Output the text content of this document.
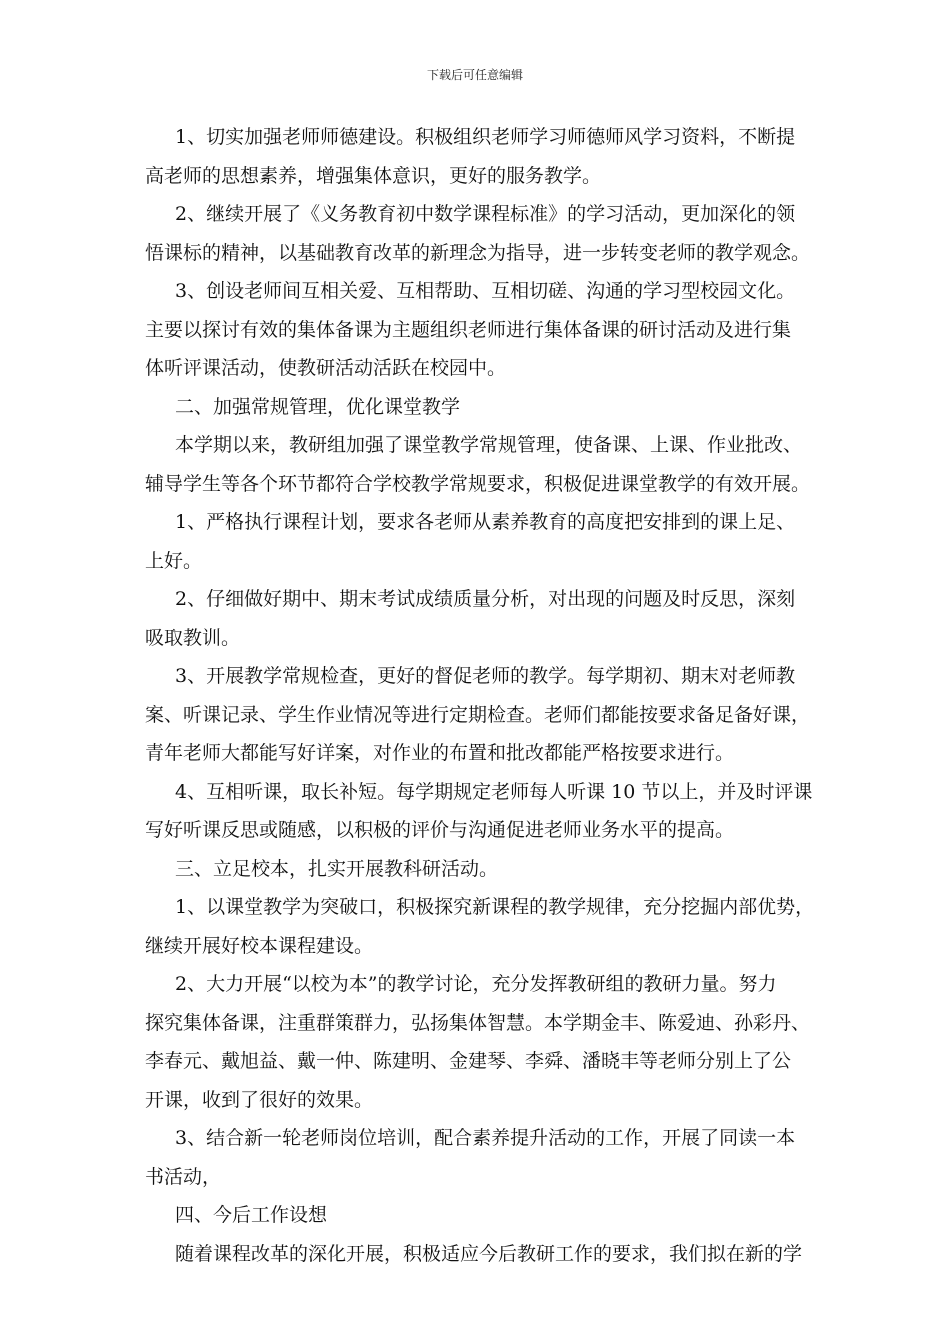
下载后可任意编辑
1、切实加强老师师德建设。积极组织老师学习师德师风学习资料，不断提
高老师的思想素养，增强集体意识，更好的服务教学。
2、继续开展了《义务教育初中数学课程标准》的学习活动，更加深化的领
悟课标的精神，以基础教育改革的新理念为指导，进一步转变老师的教学观念。
3、创设老师间互相关爱、互相帮助、互相切磋、沟通的学习型校园文化。
主要以探讨有效的集体备课为主题组织老师进行集体备课的研讨活动及进行集
体听评课活动，使教研活动活跃在校园中。
二、加强常规管理，优化课堂教学
本学期以来，教研组加强了课堂教学常规管理，使备课、上课、作业批改、
辅导学生等各个环节都符合学校教学常规要求，积极促进课堂教学的有效开展。
1、严格执行课程计划，要求各老师从素养教育的高度把安排到的课上足、
上好。
2、仔细做好期中、期末考试成绩质量分析，对出现的问题及时反思，深刻
吸取教训。
3、开展教学常规检查，更好的督促老师的教学。每学期初、期末对老师教
案、听课记录、学生作业情况等进行定期检查。老师们都能按要求备足备好课，
青年老师大都能写好详案，对作业的布置和批改都能严格按要求进行。
4、互相听课，取长补短。每学期规定老师每人听课 10 节以上，并及时评课
写好听课反思或随感，以积极的评价与沟通促进老师业务水平的提高。
三、立足校本，扎实开展教科研活动。
1、以课堂教学为突破口，积极探究新课程的教学规律，充分挖掘内部优势，
继续开展好校本课程建设。
2、大力开展“以校为本”的教学讨论，充分发挥教研组的教研力量。努力
探究集体备课，注重群策群力，弘扬集体智慧。本学期金丰、陈爱迪、孙彩丹、
李春元、戴旭益、戴一仲、陈建明、金建琴、李舜、潘晓丰等老师分别上了公
开课，收到了很好的效果。
3、结合新一轮老师岗位培训，配合素养提升活动的工作，开展了同读一本
书活动，
四、今后工作设想
随着课程改革的深化开展，积极适应今后教研工作的要求，我们拟在新的学
